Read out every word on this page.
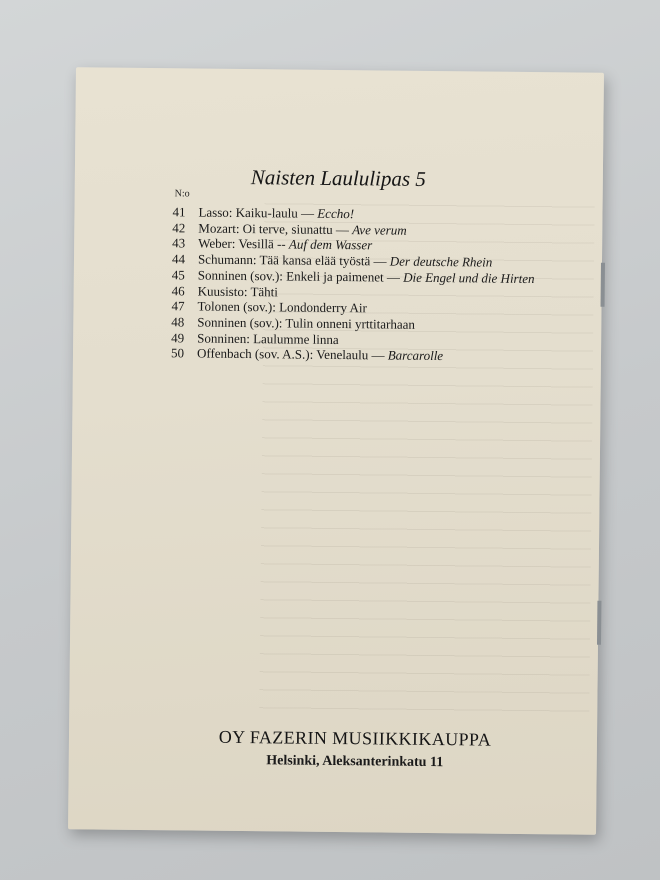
Naisten Laululipas 5
N:o
41 Lasso: Kaiku-laulu — Eccho!
42 Mozart: Oi terve, siunattu — Ave verum
43 Weber: Vesillä -- Auf dem Wasser
44 Schumann: Tää kansa elää työstä — Der deutsche Rhein
45 Sonninen (sov.): Enkeli ja paimenet — Die Engel und die Hirten
46 Kuusisto: Tähti
47 Tolonen (sov.): Londonderry Air
48 Sonninen (sov.): Tulin onneni yrttitarhaan
49 Sonninen: Laulumme linna
50 Offenbach (sov. A.S.): Venelaulu — Barcarolle
OY FAZERIN MUSIIKKIKAUPPA
Helsinki, Aleksanterinkatu 11
